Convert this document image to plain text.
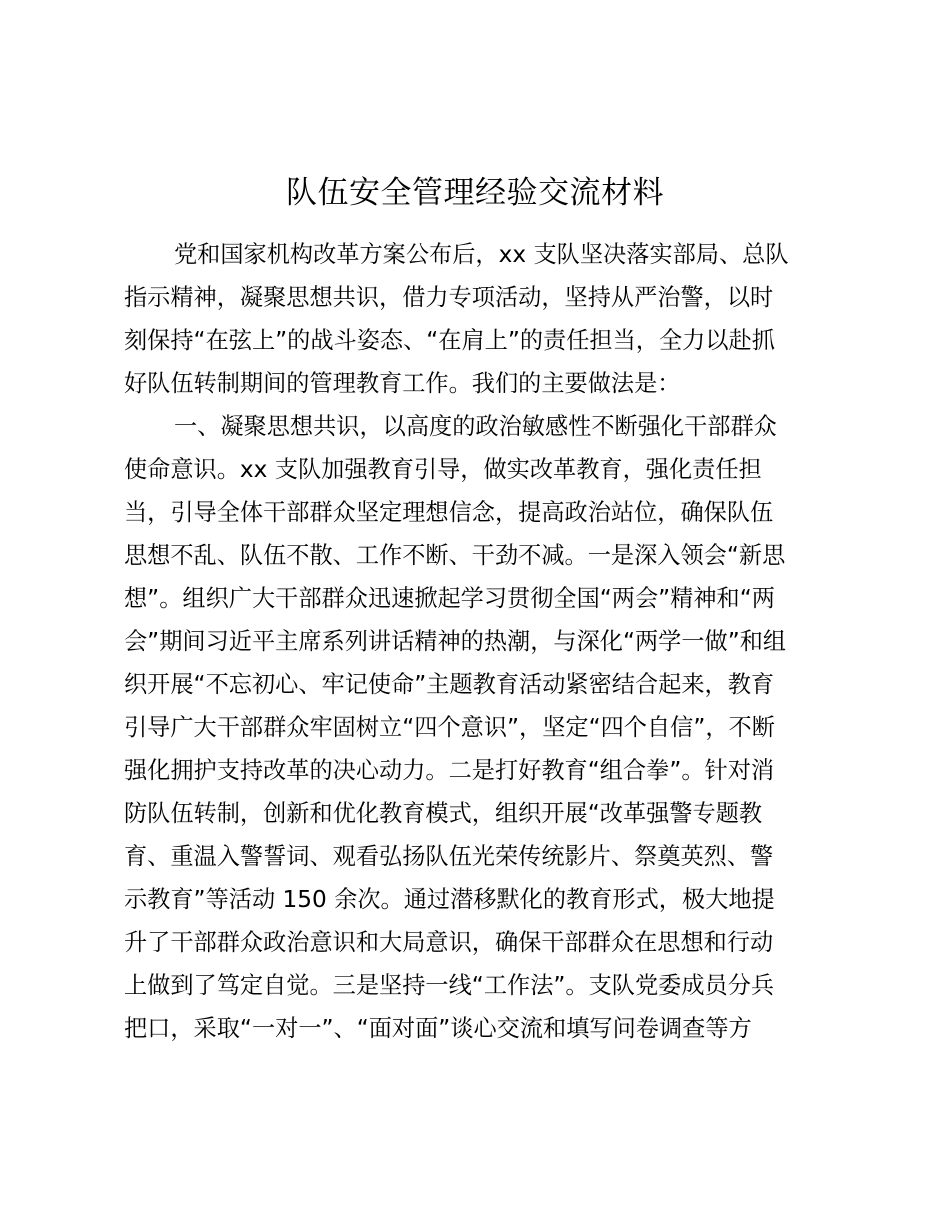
队伍安全管理经验交流材料
党和国家机构改革方案公布后，xx 支队坚决落实部局、总队
指示精神，凝聚思想共识，借力专项活动，坚持从严治警，以时
刻保持“在弦上”的战斗姿态、“在肩上”的责任担当，全力以赴抓
好队伍转制期间的管理教育工作。我们的主要做法是：
一、凝聚思想共识，以高度的政治敏感性不断强化干部群众
使命意识。xx 支队加强教育引导，做实改革教育，强化责任担
当，引导全体干部群众坚定理想信念，提高政治站位，确保队伍
思想不乱、队伍不散、工作不断、干劲不减。一是深入领会“新思
想”。组织广大干部群众迅速掀起学习贯彻全国“两会”精神和“两
会”期间习近平主席系列讲话精神的热潮，与深化“两学一做”和组
织开展“不忘初心、牢记使命”主题教育活动紧密结合起来，教育
引导广大干部群众牢固树立“四个意识”，坚定“四个自信”，不断
强化拥护支持改革的决心动力。二是打好教育“组合拳”。针对消
防队伍转制，创新和优化教育模式，组织开展“改革强警专题教
育、重温入警誓词、观看弘扬队伍光荣传统影片、祭奠英烈、警
示教育”等活动 150 余次。通过潜移默化的教育形式，极大地提
升了干部群众政治意识和大局意识，确保干部群众在思想和行动
上做到了笃定自觉。三是坚持一线“工作法”。支队党委成员分兵
把口，采取“一对一”、“面对面”谈心交流和填写问卷调查等方
